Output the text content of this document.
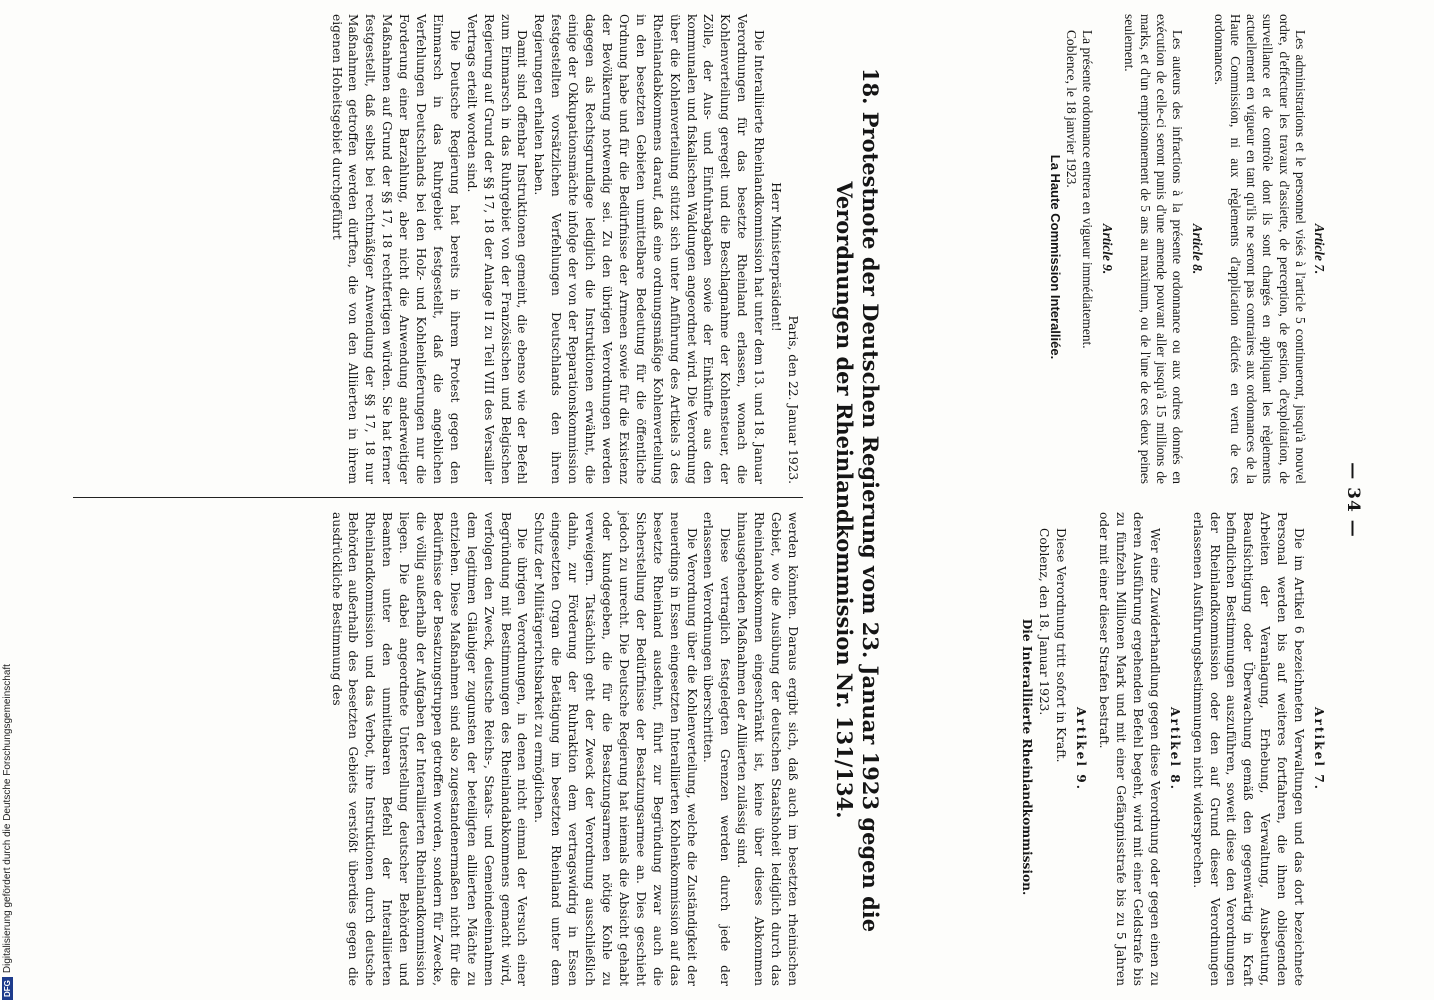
— 34 —

Article 7.

Les administrations et le personnel visés à l'article 5 continueront, jusqu'à nouvel ordre, d'effectuer les travaux d'assiette, de perception, de gestion, d'exploitation, de surveillance et de contrôle dont ils sont chargés en appliquant les règlements actuellement en vigueur en tant qu'ils ne seront pas contraires aux ordonnances de la Haute Commission, ni aux règlements d'application édictés en vertu de ces ordonnances.

Article 8.

Les auteurs des infractions à la présente ordonnance ou aux ordres donnés en exécution de celle-ci seront punis d'une amende pouvant aller jusqu'à 15 millions de marks, et d'un emprisonnement de 5 ans au maximum, ou de l'une de ces deux peines seulement.

Article 9.

La présente ordonnance entrera en vigueur immédiatement.

Coblence, le 18 janvier 1923.

La Haute Commission Interalliée.

Artikel 7.

Die im Artikel 6 bezeichneten Verwaltungen und das dort bezeichnete Personal werden bis auf weiteres fortfahren, die ihnen obliegenden Arbeiten der Veranlagung, Erhebung, Verwaltung, Ausbeutung, Beaufsichtigung oder Überwachung gemäß den gegenwärtig in Kraft befindlichen Bestimmungen auszuführen, soweit diese den Verordnungen der Rheinlandkommission oder den auf Grund dieser Verordnungen erlassenen Ausführungsbestimmungen nicht widersprechen.

Artikel 8.

Wer eine Zuwiderhandlung gegen diese Verordnung oder gegen einen zu deren Ausführung ergehenden Befehl begeht, wird mit einer Geldstrafe bis zu fünfzehn Millionen Mark und mit einer Gefängnisstrafe bis zu 5 Jahren oder mit einer dieser Strafen bestraft.

Artikel 9.

Diese Verordnung tritt sofort in Kraft.

Coblenz, den 18. Januar 1923.

Die Interalliierte Rheinlandkommission.

18. Protestnote der Deutschen Regierung vom 23. Januar 1923 gegen die Verordnungen der Rheinlandkommission Nr. 131/134.

Paris, den 22. Januar 1923.

Herr Ministerpräsident!

Die Interalliierte Rheinlandkommission hat unter dem 13. und 18. Januar Verordnungen für das besetzte Rheinland erlassen, wonach die Kohlenverteilung geregelt und die Beschlagnahme der Kohlensteuer, der Zölle, der Aus- und Einfuhrabgaben sowie der Einkünfte aus den kommunalen und fiskalischen Waldungen angeordnet wird. Die Verordnung über die Kohlenverteilung stützt sich unter Anführung des Artikels 3 des Rheinlandabkommens darauf, daß eine ordnungsmäßige Kohlenverteilung in den besetzten Gebieten unmittelbare Bedeutung für die öffentliche Ordnung habe und für die Bedürfnisse der Armeen sowie für die Existenz der Bevölkerung notwendig sei. Zu den übrigen Verordnungen werden dagegen als Rechtsgrundlage lediglich die Instruktionen erwähnt, die einige der Okkupationsmächte infolge der von der Reparationskommission festgestellten vorsätzlichen Verfehlungen Deutschlands den ihren Regierungen erhalten haben.

Damit sind offenbar Instruktionen gemeint, die ebenso wie der Befehl zum Einmarsch in das Ruhrgebiet von der Französischen und Belgischen Regierung auf Grund der §§ 17, 18 der Anlage II zu Teil VIII des Versailler Vertrags erteilt worden sind.

Die Deutsche Regierung hat bereits in ihrem Protest gegen den Einmarsch in das Ruhrgebiet festgestellt, daß die angeblichen Verfehlungen Deutschlands bei den Holz- und Kohlenlieferungen nur die Forderung einer Barzahlung, aber nicht die Anwendung anderweitiger Maßnahmen auf Grund der §§ 17, 18 rechtfertigen würden. Sie hat ferner festgestellt, daß selbst bei rechtmäßiger Anwendung der §§ 17, 18 nur Maßnahmen getroffen werden dürften, die von den Alliierten in ihrem eigenen Hoheitsgebiet durchgeführt

werden könnten. Daraus ergibt sich, daß auch im besetzten rheinischen Gebiet, wo die Ausübung der deutschen Staatshoheit lediglich durch das Rheinlandabkommen eingeschränkt ist, keine über dieses Abkommen hinausgehenden Maßnahmen der Alliierten zulässig sind.

Diese vertraglich festgelegten Grenzen werden durch jede der erlassenen Verordnungen überschritten.

Die Verordnung über die Kohlenverteilung, welche die Zuständigkeit der neuerdings in Essen eingesetzten Interalliierten Kohlenkommission auf das besetzte Rheinland ausdehnt, führt zur Begründung zwar auch die Sicherstellung der Bedürfnisse der Besatzungsarmee an. Dies geschieht jedoch zu unrecht. Die Deutsche Regierung hat niemals die Absicht gehabt oder kundgegeben, die für die Besatzungsarmeen nötige Kohle zu verweigern. Tatsächlich geht der Zweck der Verordnung ausschließlich dahin, zur Förderung der Ruhraktion dem vertragswidrig in Essen eingesetzten Organ die Betätigung im besetzten Rheinland unter dem Schutz der Militärgerichtsbarkeit zu ermöglichen.

Die übrigen Verordnungen, in denen nicht einmal der Versuch einer Begründung mit Bestimmungen des Rheinlandabkommens gemacht wird, verfolgen den Zweck, deutsche Reichs-, Staats- und Gemeindeeinnahmen dem legitimen Gläubiger zugunsten der beteiligten alliierten Mächte zu entziehen. Diese Maßnahmen sind also zugestandenermaßen nicht für die Bedürfnisse der Besatzungstruppen getroffen worden, sondern für Zwecke, die völlig außerhalb der Aufgaben der Interalliierten Rheinlandkommission liegen. Die dabei angeordnete Unterstellung deutscher Behörden und Beamten unter den unmittelbaren Befehl der Interalliierten Rheinlandkommission und das Verbot, ihre Instruktionen durch deutsche Behörden außerhalb des besetzten Gebiets verstößt überdies gegen die ausdrückliche Bestimmung des

DFGDigitalisierung gefördert durch die Deutsche Forschungsgemeinschaft
